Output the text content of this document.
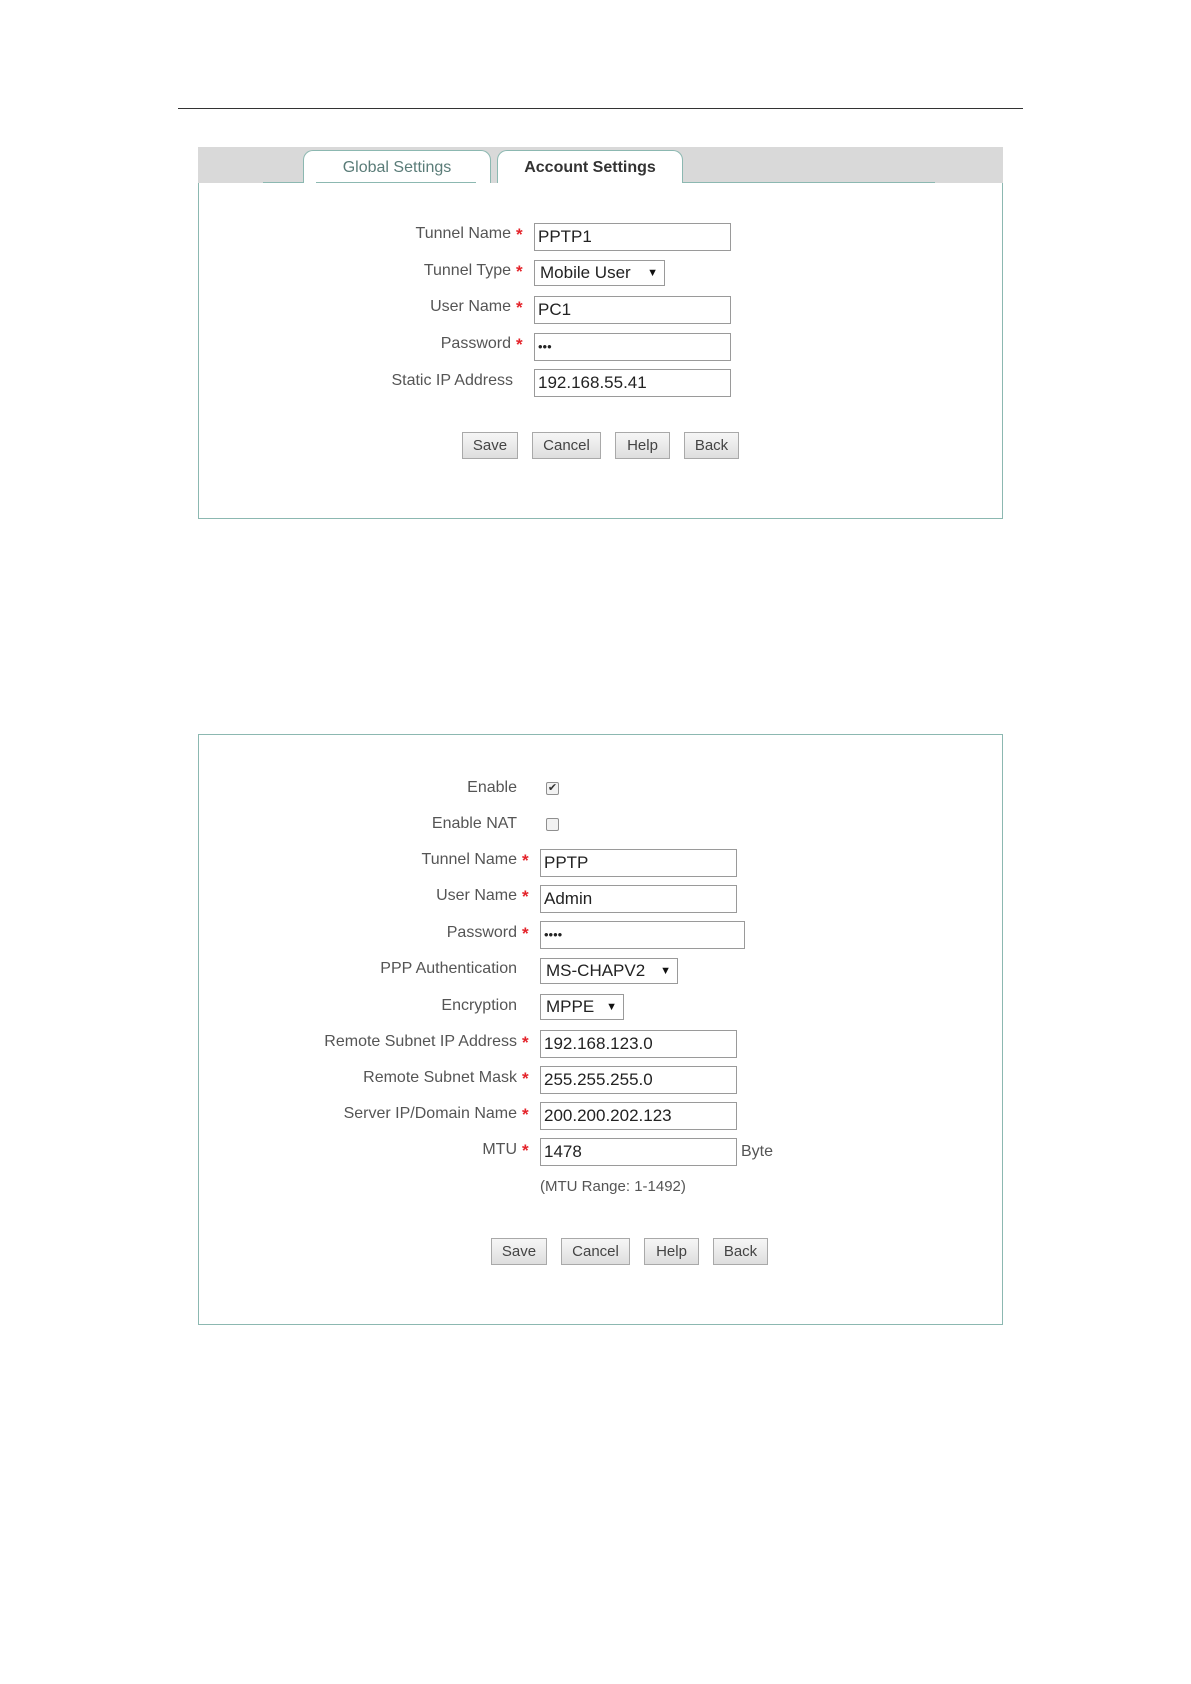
Global Settings	Account Settings
Tunnel Name * PPTP1
Tunnel Type *	Mobile User ▼
User Name * PC1
Password *	•••
Static IP Address 192.168.55.41
Save	Cancel	Help	Back
Enable	✔
Enable NAT
Tunnel Name * PPTP
User Name * Admin
Password *	••••
PPP Authentication	MS-CHAPV2 ▼
Encryption	MPPE ▼
Remote Subnet IP Address * 192.168.123.0
Remote Subnet Mask * 255.255.255.0
Server IP/Domain Name * 200.200.202.123
MTU * 1478	Byte
(MTU Range: 1-1492)
Save	Cancel	Help	Back
